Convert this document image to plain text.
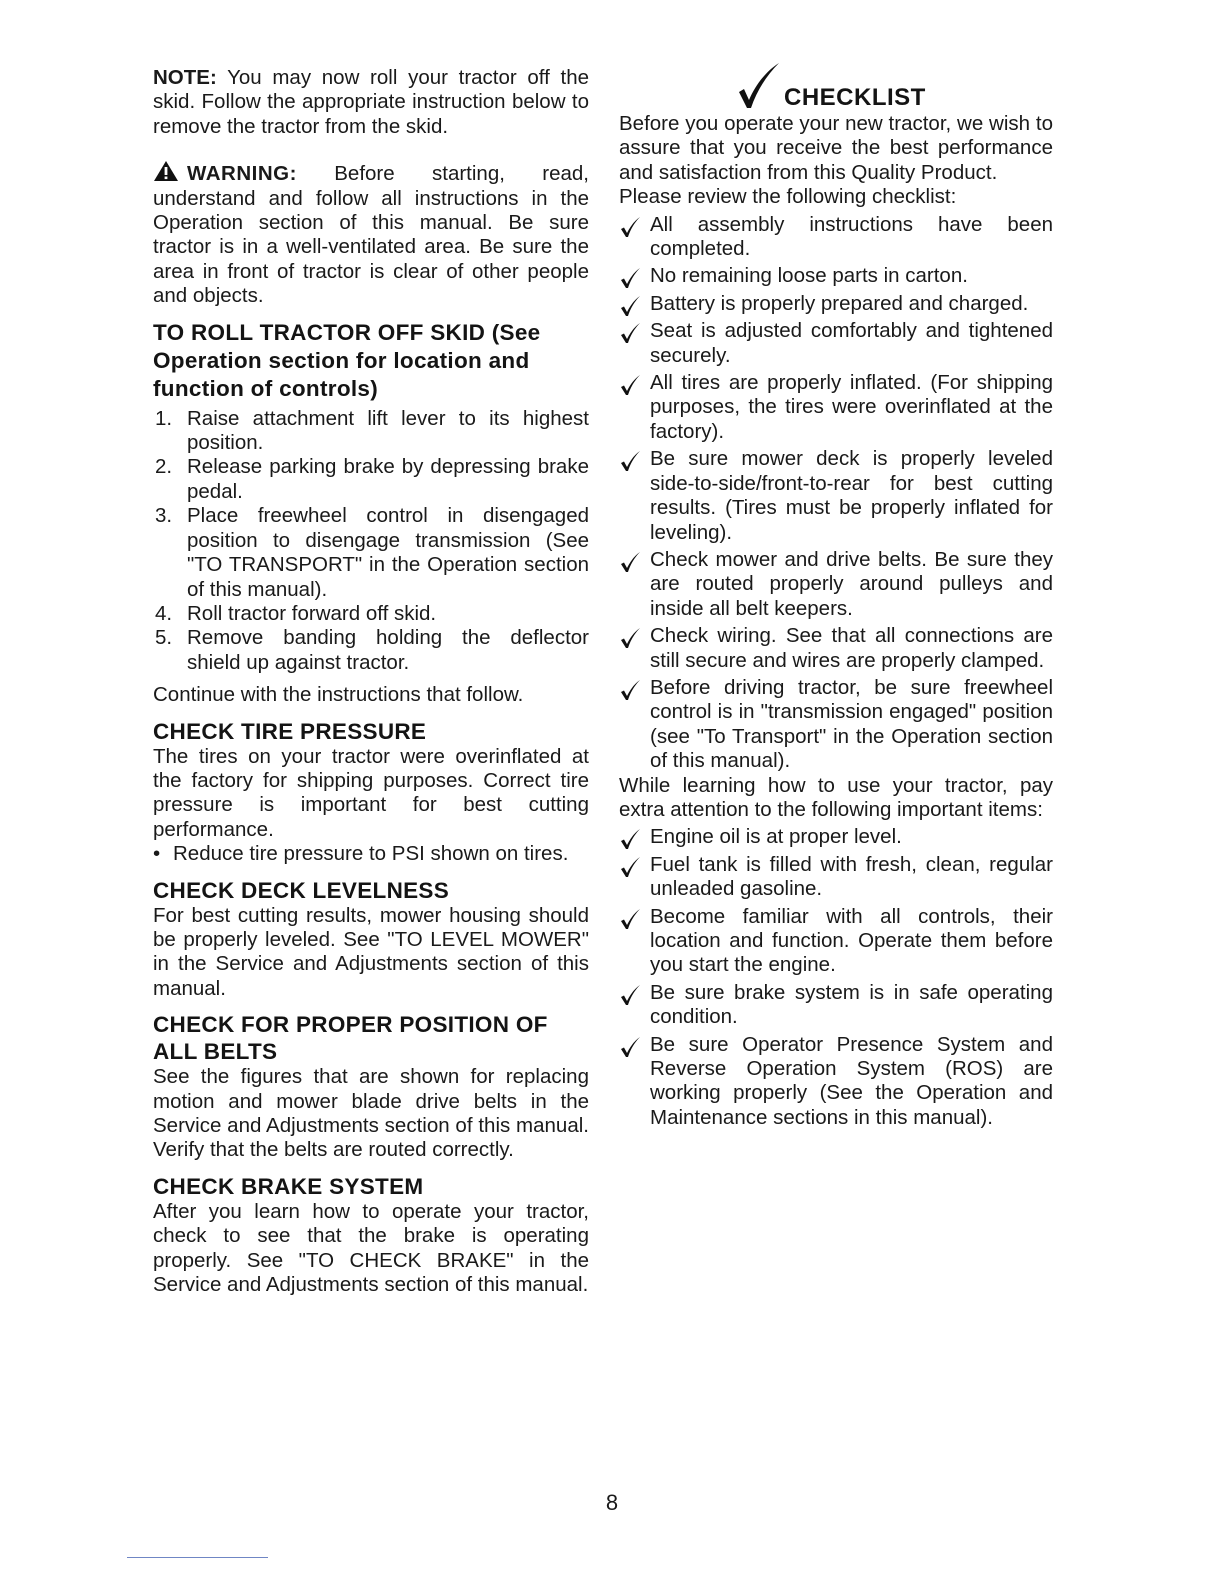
NOTE: You may now roll your tractor off the skid. Follow the appropriate instruction below to remove the tractor from the skid.

WARNING: Before starting, read, understand and follow all instructions in the Operation section of this manual. Be sure tractor is in a well-ventilated area. Be sure the area in front of tractor is clear of other people and objects.

TO ROLL TRACTOR OFF SKID (See Operation section for location and function of controls)
1. Raise attachment lift lever to its highest position.
2. Release parking brake by depressing brake pedal.
3. Place freewheel control in disengaged position to disengage transmission (See "TO TRANSPORT" in the Operation section of this manual).
4. Roll tractor forward off skid.
5. Remove banding holding the deflector shield up against tractor.

Continue with the instructions that follow.

CHECK TIRE PRESSURE

The tires on your tractor were overinflated at the factory for shipping purposes. Correct tire pressure is important for best cutting performance.

• Reduce tire pressure to PSI shown on tires.
CHECK DECK LEVELNESS

For best cutting results, mower housing should be properly leveled. See "TO LEVEL MOWER" in the Service and Adjustments section of this manual.

CHECK FOR PROPER POSITION OF ALL BELTS

See the figures that are shown for replacing motion and mower blade drive belts in the Service and Adjustments section of this manual. Verify that the belts are routed correctly.

CHECK BRAKE SYSTEM

After you learn how to operate your tractor, check to see that the brake is operating properly. See "TO CHECK BRAKE" in the Service and Adjustments section of this manual.

CHECKLIST

Before you operate your new tractor, we wish to assure that you receive the best performance and satisfaction from this Quality Product.

Please review the following checklist:

All assembly instructions have been completed.
No remaining loose parts in carton.
Battery is properly prepared and charged.
Seat is adjusted comfortably and tightened securely.
All tires are properly inflated. (For shipping purposes, the tires were overinflated at the factory).
Be sure mower deck is properly leveled side-to-side/front-to-rear for best cutting results. (Tires must be properly inflated for leveling).
Check mower and drive belts. Be sure they are routed properly around pulleys and inside all belt keepers.
Check wiring. See that all connections are still secure and wires are properly clamped.
Before driving tractor, be sure freewheel control is in "transmission engaged" position (see "To Transport" in the Operation section of this manual).

While learning how to use your tractor, pay extra attention to the following important items:

Engine oil is at proper level.
Fuel tank is filled with fresh, clean, regular unleaded gasoline.
Become familiar with all controls, their location and function. Operate them before you start the engine.
Be sure brake system is in safe operating condition.
Be sure Operator Presence System and Reverse Operation System (ROS) are working properly (See the Operation and Maintenance sections in this manual).
8
